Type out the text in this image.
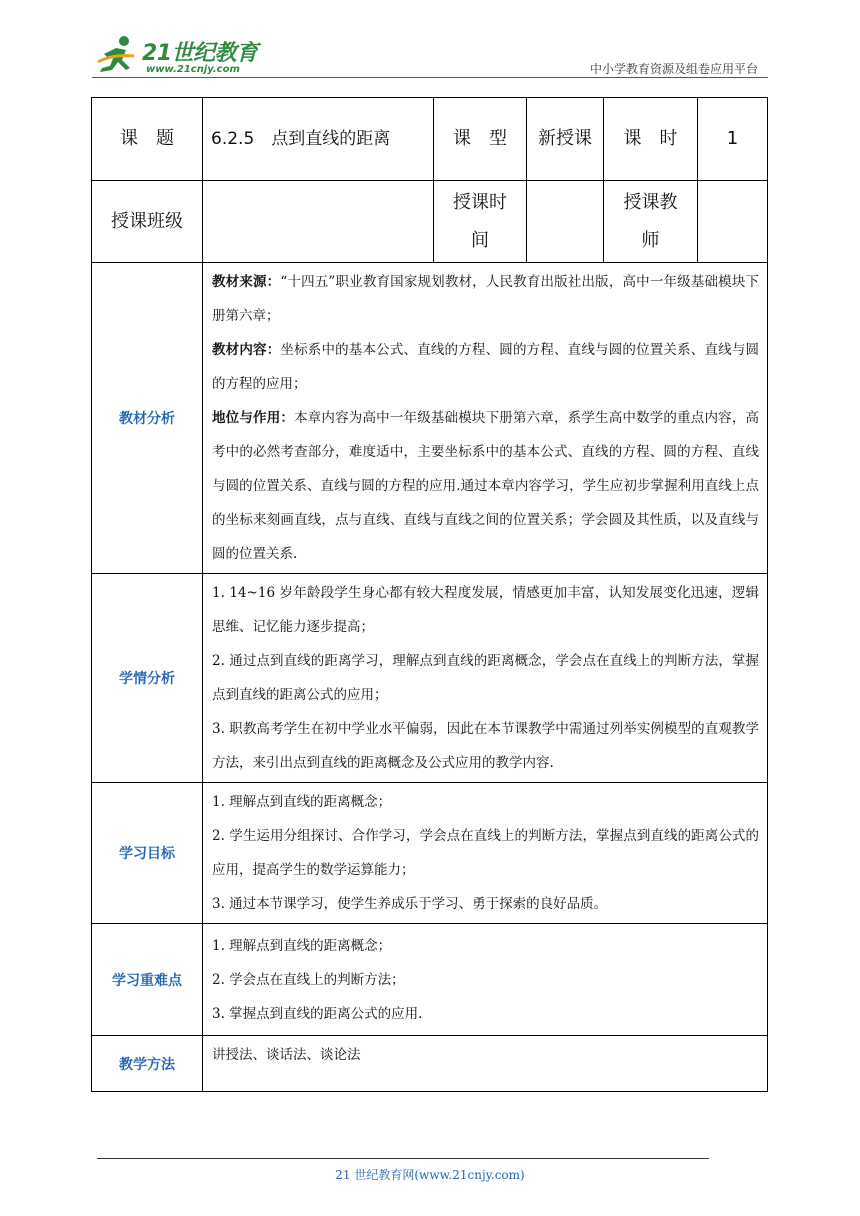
21世纪教育
www.21cnjy.com	中小学教育资源及组卷应用平台
课　题	6.2.5　点到直线的距离	课　型	新授课	课　时	1
授课班级		授课时间		授课教师	
教材分析	教材来源：“十四五”职业教育国家规划教材，人民教育出版社出版，高中一年级基础模块下册第六章；

教材内容：坐标系中的基本公式、直线的方程、圆的方程、直线与圆的位置关系、直线与圆的方程的应用；

地位与作用：本章内容为高中一年级基础模块下册第六章，系学生高中数学的重点内容，高考中的必然考查部分，难度适中，主要坐标系中的基本公式、直线的方程、圆的方程、直线与圆的位置关系、直线与圆的方程的应用.通过本章内容学习，学生应初步掌握利用直线上点的坐标来刻画直线，点与直线、直线与直线之间的位置关系；学会圆及其性质，以及直线与圆的位置关系.				

学情分析	1. 14~16 岁年龄段学生身心都有较大程度发展，情感更加丰富，认知发展变化迅速，逻辑思维、记忆能力逐步提高；

2. 通过点到直线的距离学习，理解点到直线的距离概念，学会点在直线上的判断方法，掌握点到直线的距离公式的应用；

3. 职教高考学生在初中学业水平偏弱，因此在本节课教学中需通过列举实例模型的直观教学方法，来引出点到直线的距离概念及公式应用的教学内容.				

学习目标	1. 理解点到直线的距离概念；

2. 学生运用分组探讨、合作学习，学会点在直线上的判断方法，掌握点到直线的距离公式的应用，提高学生的数学运算能力；

3. 通过本节课学习，使学生养成乐于学习、勇于探索的良好品质。				

学习重难点	1. 理解点到直线的距离概念；

2. 学会点在直线上的判断方法；

3. 掌握点到直线的距离公式的应用.				

教学方法	讲授法、谈话法、谈论法				
21 世纪教育网(www.21cnjy.com)
